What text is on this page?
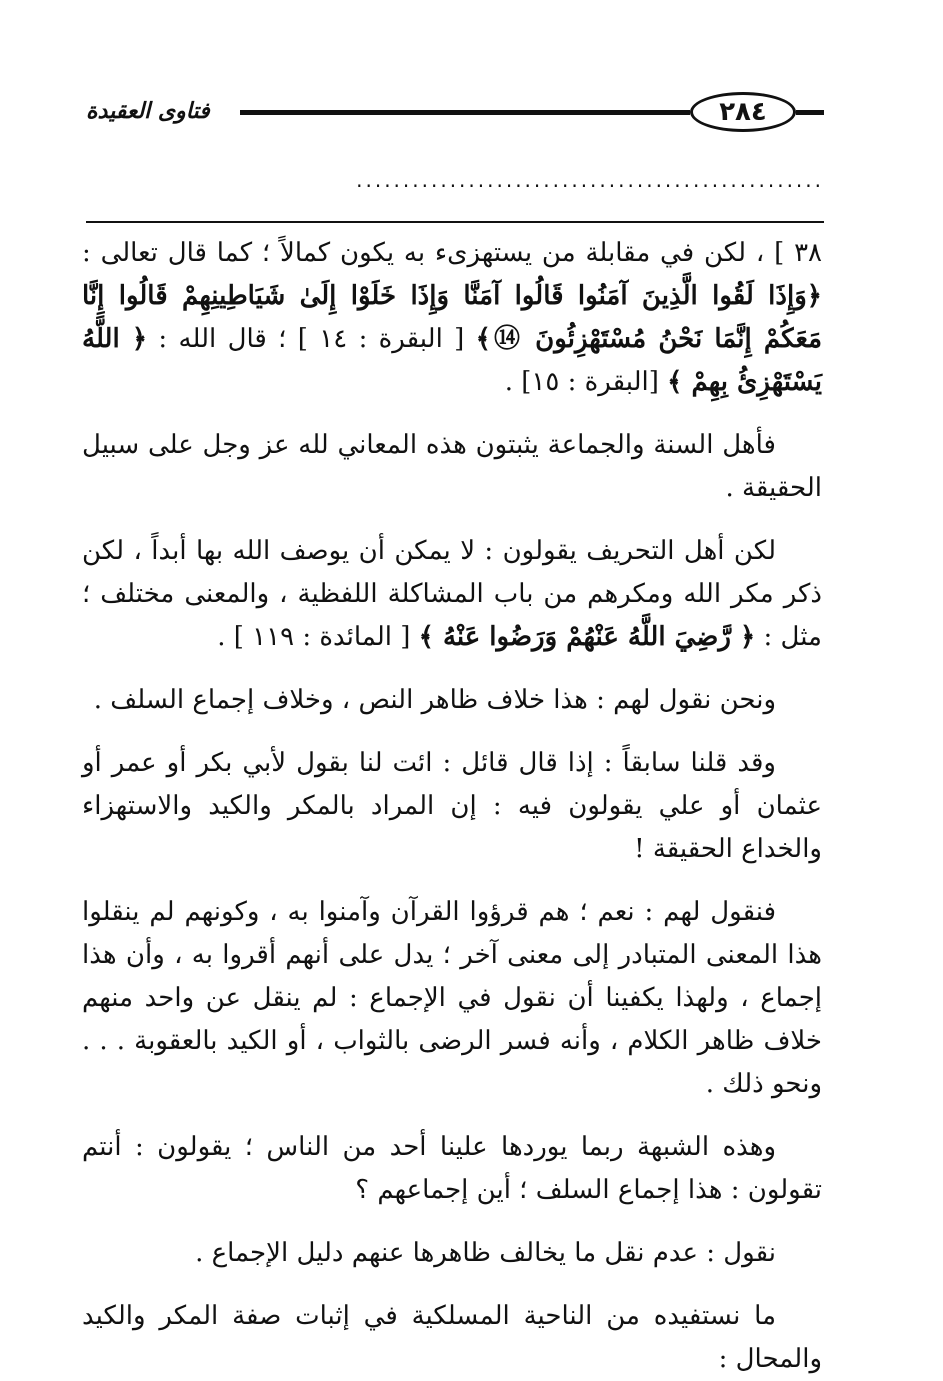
فتاوى العقيدة	٢٨٤
..................................................

٣٨ ] ، لكن في مقابلة من يستهزىء به يكون كمالاً ؛ كما قال تعالى : ﴿وَإِذَا لَقُوا الَّذِينَ آمَنُوا قَالُوا آمَنَّا وَإِذَا خَلَوْا إِلَىٰ شَيَاطِينِهِمْ قَالُوا إِنَّا مَعَكُمْ إِنَّمَا نَحْنُ مُسْتَهْزِئُونَ ⑭﴾ [ البقرة : ١٤ ] ؛ قال الله : ﴿ اللَّهُ يَسْتَهْزِئُ بِهِمْ ﴾ [البقرة : ١٥] .

فأهل السنة والجماعة يثبتون هذه المعاني لله عز وجل على سبيل الحقيقة .

لكن أهل التحريف يقولون : لا يمكن أن يوصف الله بها أبداً ، لكن ذكر مكر الله ومكرهم من باب المشاكلة اللفظية ، والمعنى مختلف ؛ مثل : ﴿ رَّضِيَ اللَّهُ عَنْهُمْ وَرَضُوا عَنْهُ ﴾ [ المائدة : ١١٩ ] .

ونحن نقول لهم : هذا خلاف ظاهر النص ، وخلاف إجماع السلف .

وقد قلنا سابقاً : إذا قال قائل : ائت لنا بقول لأبي بكر أو عمر أو عثمان أو علي يقولون فيه : إن المراد بالمكر والكيد والاستهزاء والخداع الحقيقة !

فنقول لهم : نعم ؛ هم قرؤوا القرآن وآمنوا به ، وكونهم لم ينقلوا هذا المعنى المتبادر إلى معنى آخر ؛ يدل على أنهم أقروا به ، وأن هذا إجماع ، ولهذا يكفينا أن نقول في الإجماع : لم ينقل عن واحد منهم خلاف ظاهر الكلام ، وأنه فسر الرضى بالثواب ، أو الكيد بالعقوبة . . . ونحو ذلك .

وهذه الشبهة ربما يوردها علينا أحد من الناس ؛ يقولون : أنتم تقولون : هذا إجماع السلف ؛ أين إجماعهم ؟

نقول : عدم نقل ما يخالف ظاهرها عنهم دليل الإجماع .

ما نستفيده من الناحية المسلكية في إثبات صفة المكر والكيد والمحال :
